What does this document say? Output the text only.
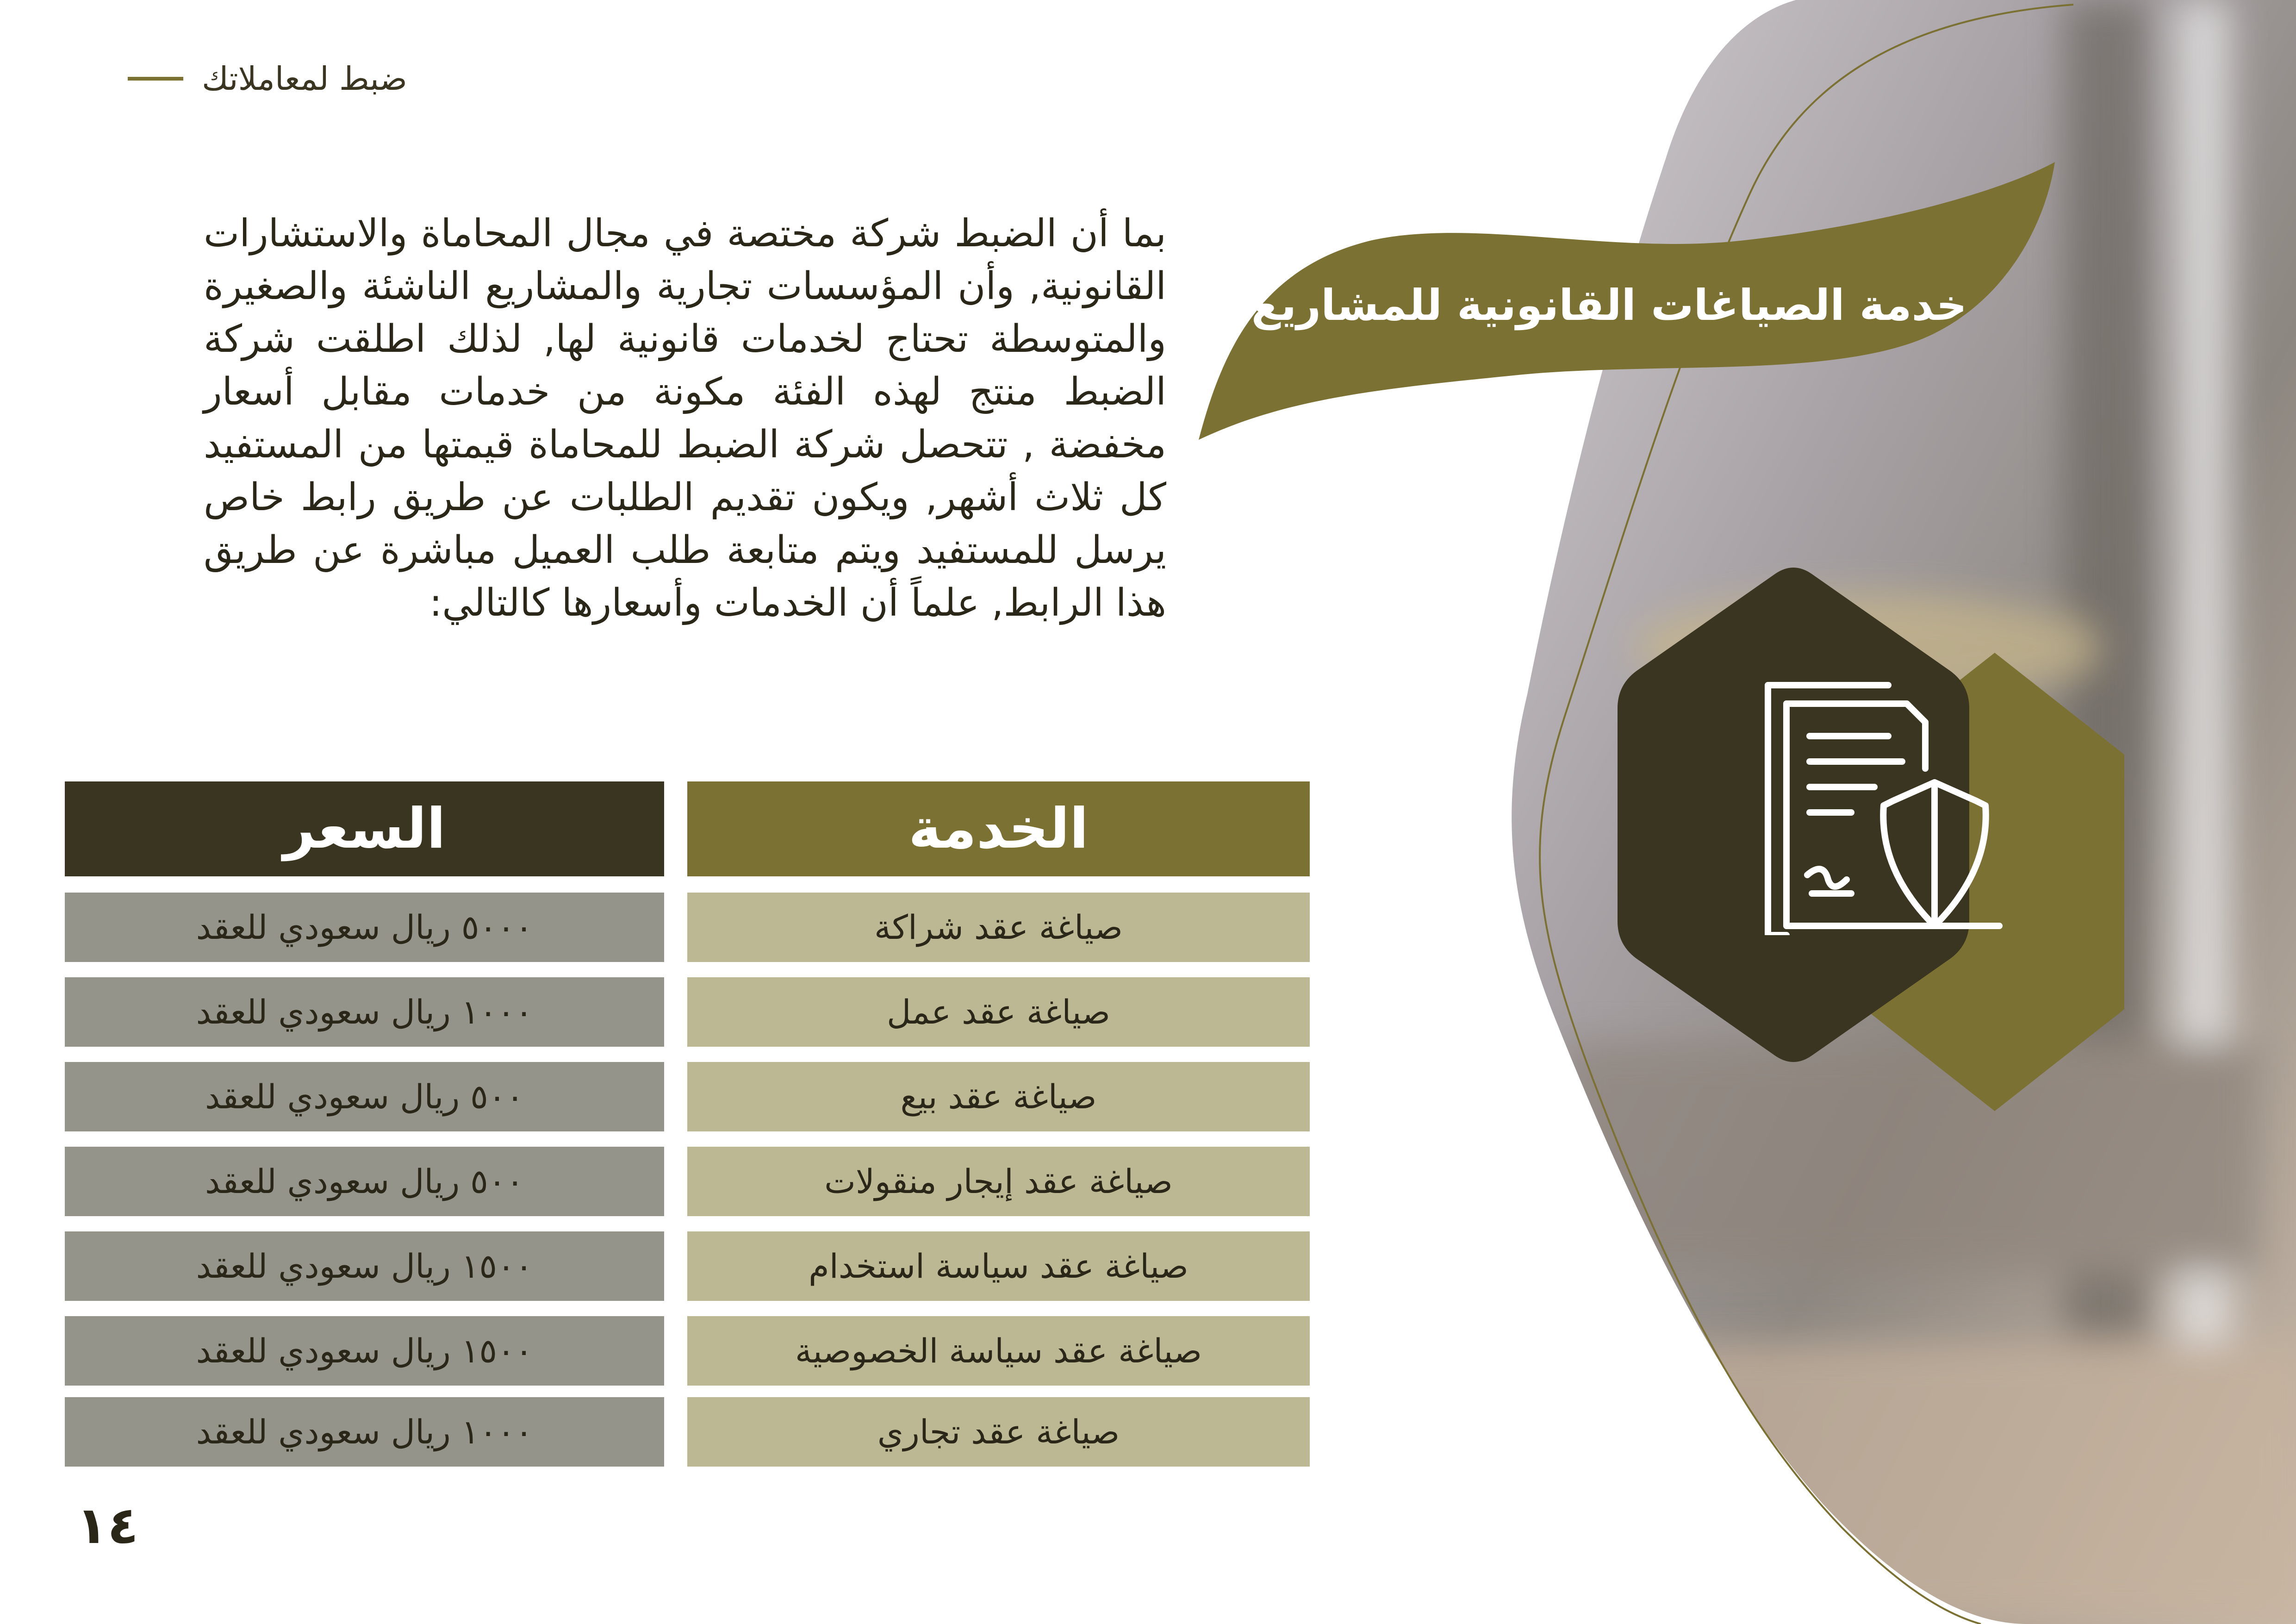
ضبط لمعاملاتك
خدمة الصياغات القانونية للمشاريع
بما أن الضبط شركة مختصة في مجال المحاماة والاستشارات القانونية, وأن المؤسسات تجارية والمشاريع الناشئة والصغيرة والمتوسطة تحتاج لخدمات قانونية لها, لذلك اطلقت شركة الضبط منتج لهذه الفئة مكونة من خدمات مقابل أسعار مخفضة , تتحصل شركة الضبط للمحاماة قيمتها من المستفيد كل ثلاث أشهر, ويكون تقديم الطلبات عن طريق رابط خاص يرسل للمستفيد ويتم متابعة طلب العميل مباشرة عن طريق هذا الرابط, علماً أن الخدمات وأسعارها كالتالي:
الخدمة
السعر
صياغة عقد شراكة
٥٠٠٠ ريال سعودي للعقد
صياغة عقد عمل
١٠٠٠ ريال سعودي للعقد
صياغة عقد بيع
٥٠٠ ريال سعودي للعقد
صياغة عقد إيجار منقولات
٥٠٠ ريال سعودي للعقد
صياغة عقد سياسة استخدام
١٥٠٠ ريال سعودي للعقد
صياغة عقد سياسة الخصوصية
١٥٠٠ ريال سعودي للعقد
صياغة عقد تجاري
١٠٠٠ ريال سعودي للعقد
١٤
